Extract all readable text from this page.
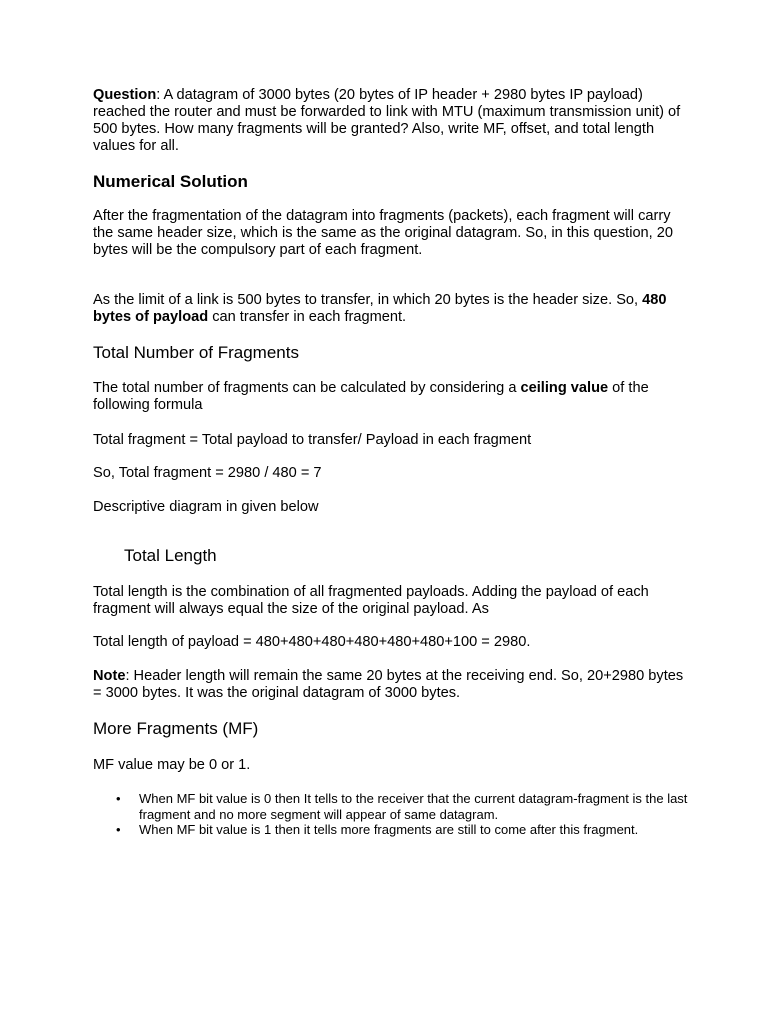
Question: A datagram of 3000 bytes (20 bytes of IP header + 2980 bytes IP payload) reached the router and must be forwarded to link with MTU (maximum transmission unit) of 500 bytes. How many fragments will be granted? Also, write MF, offset, and total length values for all.

Numerical Solution

After the fragmentation of the datagram into fragments (packets), each fragment will carry the same header size, which is the same as the original datagram. So, in this question, 20 bytes will be the compulsory part of each fragment.

As the limit of a link is 500 bytes to transfer, in which 20 bytes is the header size. So, 480 bytes of payload can transfer in each fragment.

Total Number of Fragments

The total number of fragments can be calculated by considering a ceiling value of the following formula

Total fragment = Total payload to transfer/ Payload in each fragment

So, Total fragment = 2980 / 480 = 7

Descriptive diagram in given below

Total Length

Total length is the combination of all fragmented payloads. Adding the payload of each fragment will always equal the size of the original payload. As

Total length of payload = 480+480+480+480+480+480+100 = 2980.

Note: Header length will remain the same 20 bytes at the receiving end. So, 20+2980 bytes = 3000 bytes. It was the original datagram of 3000 bytes.

More Fragments (MF)

MF value may be 0 or 1.

• When MF bit value is 0 then It tells to the receiver that the current datagram-fragment is the last fragment and no more segment will appear of same datagram.
• When MF bit value is 1 then it tells more fragments are still to come after this fragment.
